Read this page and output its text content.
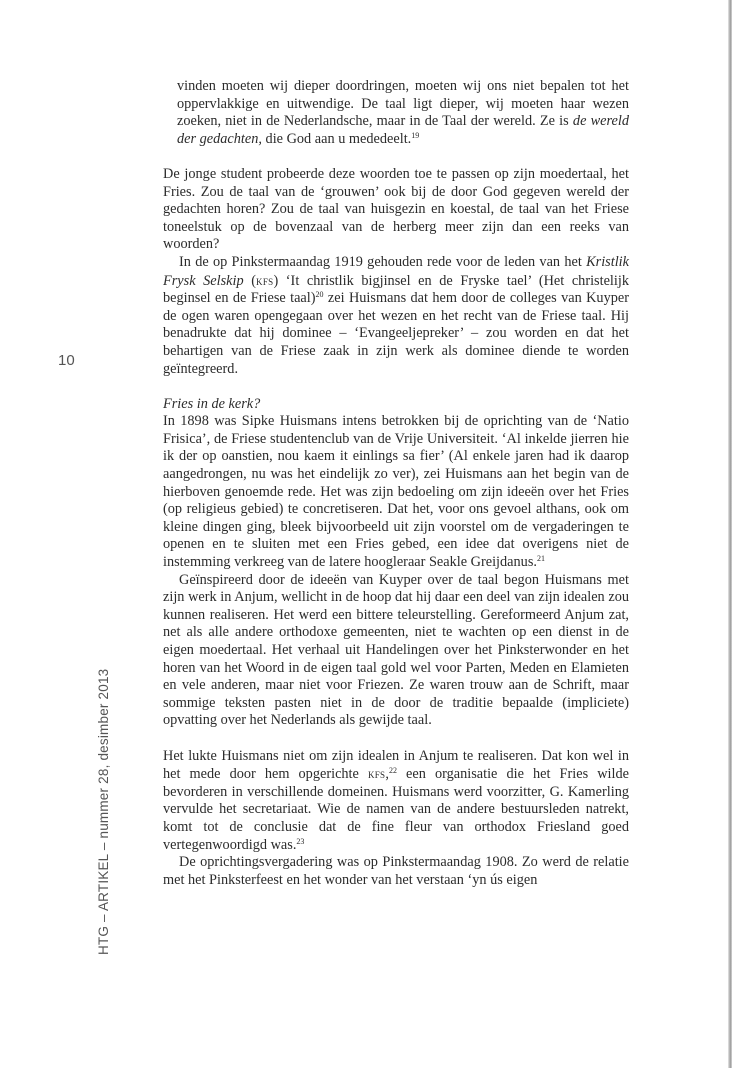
10
HTG – ARTIKEL – nummer 28, desimber 2013

vinden moeten wij dieper doordringen, moeten wij ons niet bepalen tot het oppervlakkige en uitwendige. De taal ligt dieper, wij moeten haar wezen zoeken, niet in de Nederlandsche, maar in de Taal der wereld. Ze is de wereld der gedachten, die God aan u mededeelt.$^{19}$

De jonge student probeerde deze woorden toe te passen op zijn moedertaal, het Fries. Zou de taal van de ‘grouwen’ ook bij de door God gegeven wereld der gedachten horen? Zou de taal van huisgezin en koestal, de taal van het Friese toneelstuk op de bovenzaal van de herberg meer zijn dan een reeks van woorden?

In de op Pinkstermaandag 1919 gehouden rede voor de leden van het Kristlik Frysk Selskip (kfs) ‘It christlik bigjinsel en de Fryske tael’ (Het christelijk beginsel en de Friese taal)$^{20}$ zei Huismans dat hem door de colleges van Kuyper de ogen waren opengegaan over het wezen en het recht van de Friese taal. Hij benadrukte dat hij dominee – ‘Evangeeljepreker’ – zou worden en dat het behartigen van de Friese zaak in zijn werk als dominee diende te worden geïntegreerd.

Fries in de kerk?

In 1898 was Sipke Huismans intens betrokken bij de oprichting van de ‘Natio Frisica’, de Friese studentenclub van de Vrije Universiteit. ‘Al inkelde jierren hie ik der op oanstien, nou kaem it einlings sa fier’ (Al enkele jaren had ik daarop aangedrongen, nu was het eindelijk zo ver), zei Huismans aan het begin van de hierboven genoemde rede. Het was zijn bedoeling om zijn ideeën over het Fries (op religieus gebied) te concretiseren. Dat het, voor ons gevoel althans, ook om kleine dingen ging, bleek bijvoorbeeld uit zijn voorstel om de vergaderingen te openen en te sluiten met een Fries gebed, een idee dat overigens niet de instemming verkreeg van de latere hoogleraar Seakle Greijdanus.$^{21}$

Geïnspireerd door de ideeën van Kuyper over de taal begon Huismans met zijn werk in Anjum, wellicht in de hoop dat hij daar een deel van zijn idealen zou kunnen realiseren. Het werd een bittere teleurstelling. Gereformeerd Anjum zat, net als alle andere orthodoxe gemeenten, niet te wachten op een dienst in de eigen moedertaal. Het verhaal uit Handelingen over het Pinksterwonder en het horen van het Woord in de eigen taal gold wel voor Parten, Meden en Elamieten en vele anderen, maar niet voor Friezen. Ze waren trouw aan de Schrift, maar sommige teksten pasten niet in de door de traditie bepaalde (impliciete) opvatting over het Nederlands als gewijde taal.

Het lukte Huismans niet om zijn idealen in Anjum te realiseren. Dat kon wel in het mede door hem opgerichte kfs,$^{22}$ een organisatie die het Fries wilde bevorderen in verschillende domeinen. Huismans werd voorzitter, G. Kamerling vervulde het secretariaat. Wie de namen van de andere bestuursleden natrekt, komt tot de conclusie dat de fine fleur van orthodox Friesland goed vertegenwoordigd was.$^{23}$

De oprichtingsvergadering was op Pinkstermaandag 1908. Zo werd de relatie met het Pinksterfeest en het wonder van het verstaan ‘yn ús eigen
